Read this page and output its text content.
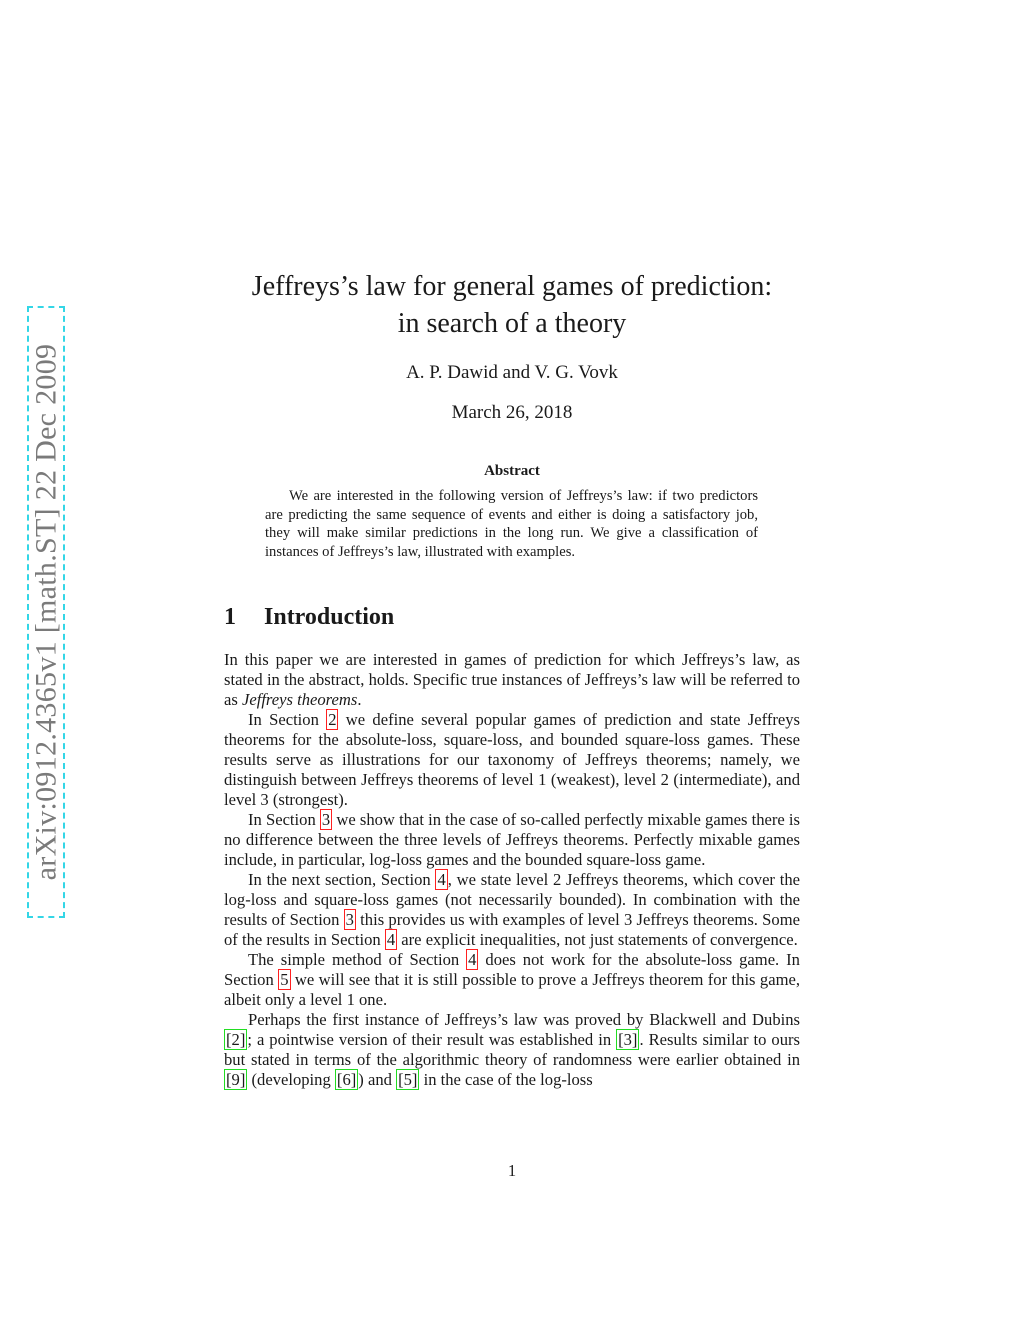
arXiv:0912.4365v1 [math.ST] 22 Dec 2009
Jeffreys’s law for general games of prediction:
in search of a theory
A. P. Dawid and V. G. Vovk
March 26, 2018
Abstract
We are interested in the following version of Jeffreys’s law: if two predictors are predicting the same sequence of events and either is doing a satisfactory job, they will make similar predictions in the long run. We give a classification of instances of Jeffreys’s law, illustrated with examples.
1 Introduction

In this paper we are interested in games of prediction for which Jeffreys’s law, as stated in the abstract, holds. Specific true instances of Jeffreys’s law will be referred to as Jeffreys theorems.

In Section 2 we define several popular games of prediction and state Jeffreys theorems for the absolute-loss, square-loss, and bounded square-loss games. These results serve as illustrations for our taxonomy of Jeffreys theorems; namely, we distinguish between Jeffreys theorems of level 1 (weakest), level 2 (intermediate), and level 3 (strongest).

In Section 3 we show that in the case of so-called perfectly mixable games there is no difference between the three levels of Jeffreys theorems. Perfectly mixable games include, in particular, log-loss games and the bounded square-loss game.

In the next section, Section 4 , we state level 2 Jeffreys theorems, which cover the log-loss and square-loss games (not necessarily bounded). In combination with the results of Section 3 this provides us with examples of level 3 Jeffreys theorems. Some of the results in Section 4 are explicit inequalities, not just statements of convergence.

The simple method of Section 4 does not work for the absolute-loss game. In Section 5 we will see that it is still possible to prove a Jeffreys theorem for this game, albeit only a level 1 one.

Perhaps the first instance of Jeffreys’s law was proved by Blackwell and Dubins [2] ; a pointwise version of their result was established in [3] . Results similar to ours but stated in terms of the algorithmic theory of randomness were earlier obtained in [9] (developing [6] ) and [5] in the case of the log-loss

1
